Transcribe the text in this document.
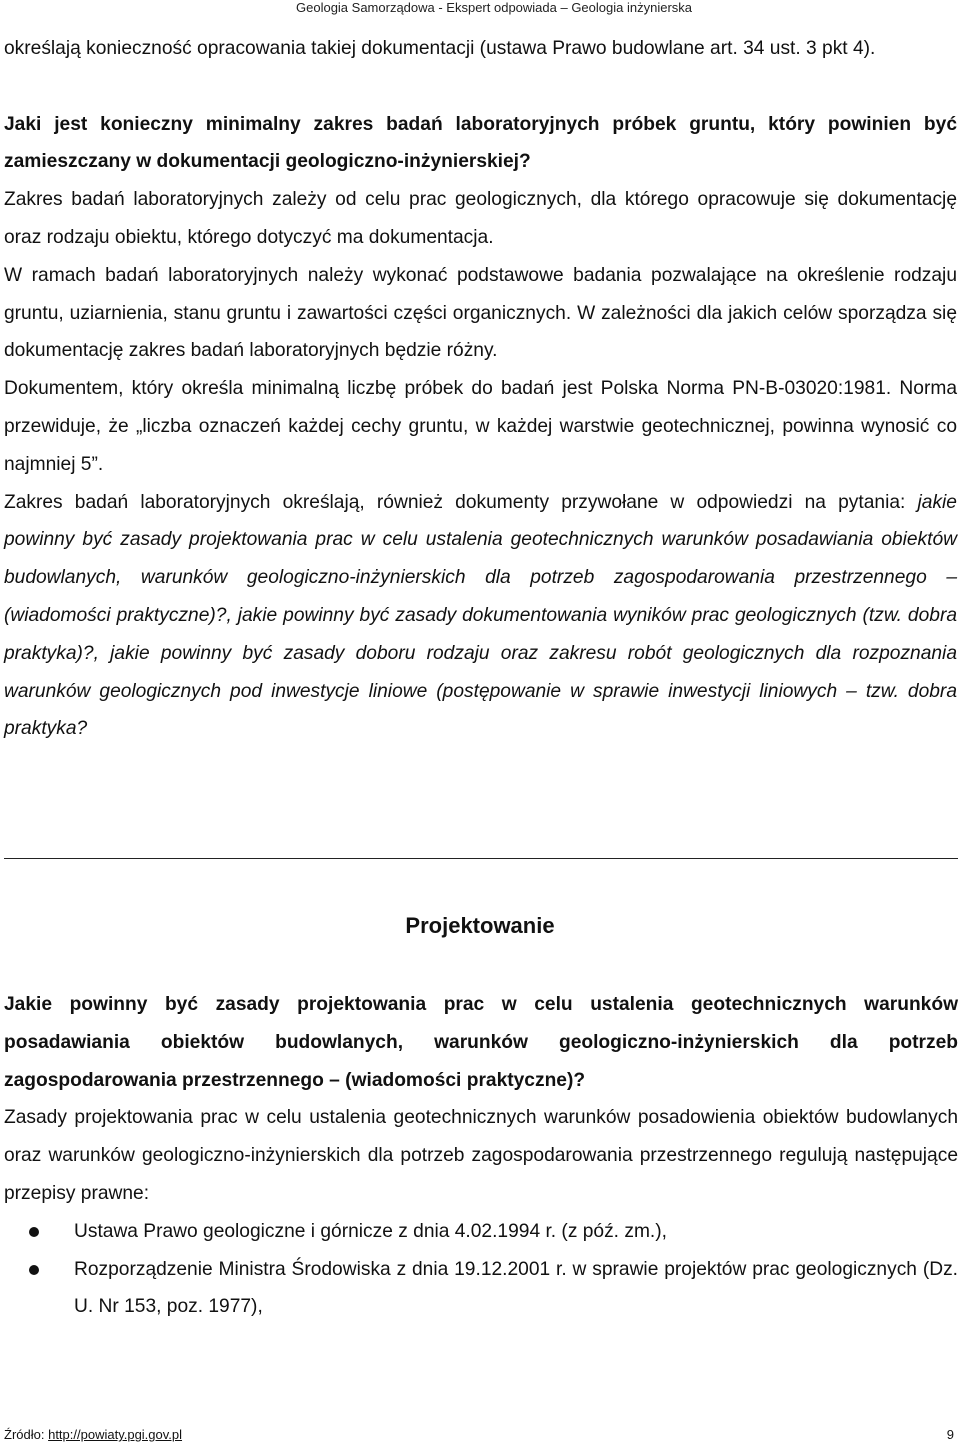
Geologia Samorządowa - Ekspert odpowiada – Geologia inżynierska

określają konieczność opracowania takiej dokumentacji (ustawa Prawo budowlane art. 34 ust. 3 pkt 4).

Jaki jest konieczny minimalny zakres badań laboratoryjnych próbek gruntu, który powinien być zamieszczany w dokumentacji geologiczno-inżynierskiej?

Zakres badań laboratoryjnych zależy od celu prac geologicznych, dla którego opracowuje się dokumentację oraz rodzaju obiektu, którego dotyczyć ma dokumentacja.

W ramach badań laboratoryjnych należy wykonać podstawowe badania pozwalające na określenie rodzaju gruntu, uziarnienia, stanu gruntu i zawartości części organicznych. W zależności dla jakich celów sporządza się dokumentację zakres badań laboratoryjnych będzie różny.

Dokumentem, który określa minimalną liczbę próbek do badań jest Polska Norma PN-B-03020:1981. Norma przewiduje, że „liczba oznaczeń każdej cechy gruntu, w każdej warstwie geotechnicznej, powinna wynosić co najmniej 5”.

Zakres badań laboratoryjnych określają, również dokumenty przywołane w odpowiedzi na pytania: jakie powinny być zasady projektowania prac w celu ustalenia geotechnicznych warunków posadawiania obiektów budowlanych, warunków geologiczno-inżynierskich dla potrzeb zagospodarowania przestrzennego – (wiadomości praktyczne)?, jakie powinny być zasady dokumentowania wyników prac geologicznych (tzw. dobra praktyka)?, jakie powinny być zasady doboru rodzaju oraz zakresu robót geologicznych dla rozpoznania warunków geologicznych pod inwestycje liniowe (postępowanie w sprawie inwestycji liniowych – tzw. dobra praktyka?

Projektowanie

Jakie powinny być zasady projektowania prac w celu ustalenia geotechnicznych warunków posadawiania obiektów budowlanych, warunków geologiczno-inżynierskich dla potrzeb zagospodarowania przestrzennego – (wiadomości praktyczne)?

Zasady projektowania prac w celu ustalenia geotechnicznych warunków posadowienia obiektów budowlanych oraz warunków geologiczno-inżynierskich dla potrzeb zagospodarowania przestrzennego regulują następujące przepisy prawne:

Ustawa Prawo geologiczne i górnicze z dnia 4.02.1994 r. (z póź. zm.),
Rozporządzenie Ministra Środowiska z dnia 19.12.2001 r. w sprawie projektów prac geologicznych (Dz. U. Nr 153, poz. 1977),
Źródło: http://powiaty.pgi.gov.pl	9
